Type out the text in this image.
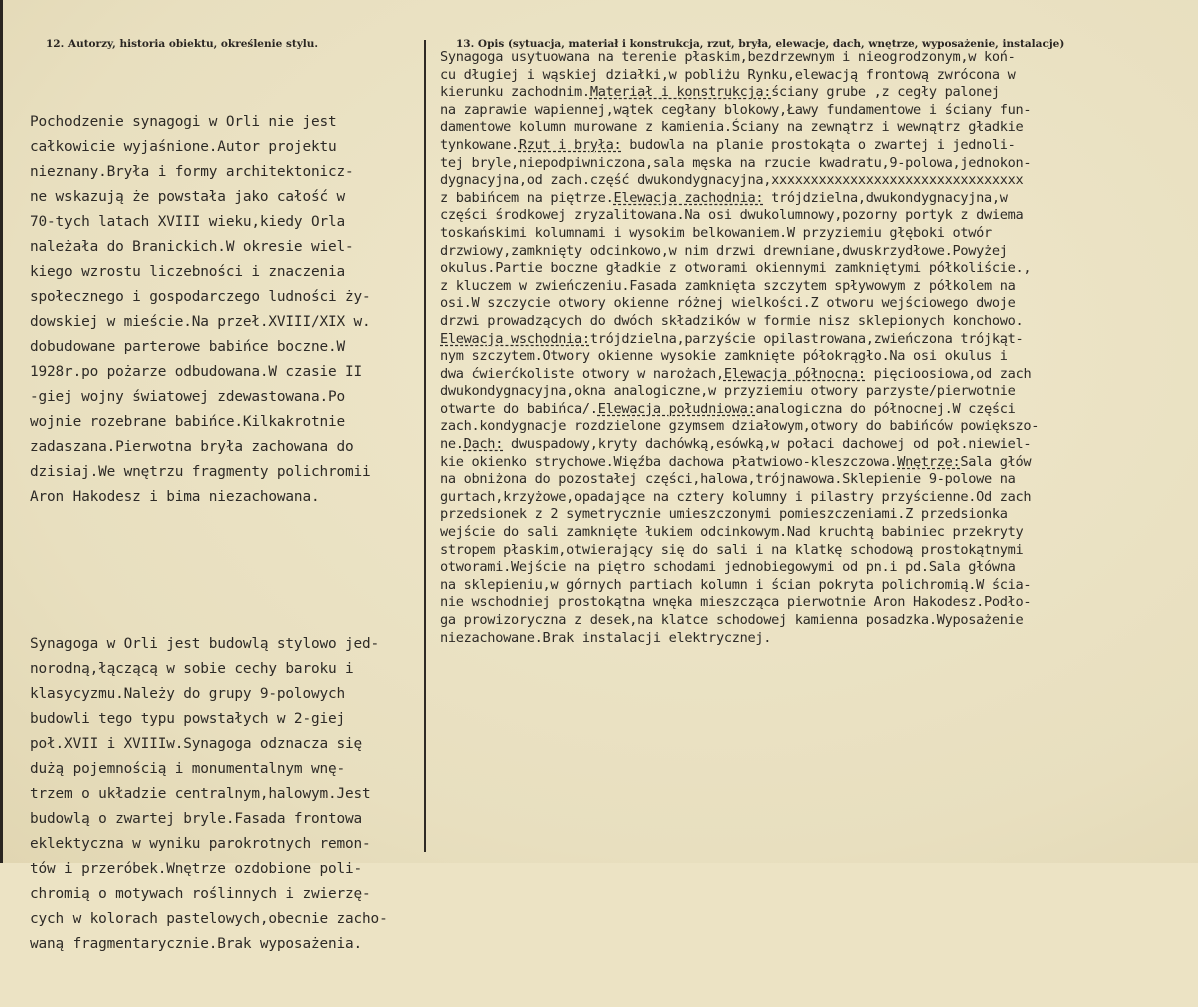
12. Autorzy, historia obiektu, określenie stylu.	13. Opis (sytuacja, materiał i konstrukcja, rzut, bryła, elewacje, dach, wnętrze, wyposażenie, instalacje)

Pochodzenie synagogi w Orli nie jest
całkowicie wyjaśnione.Autor projektu
nieznany.Bryła i formy architektonicz-
ne wskazują że powstała jako całość w
70-tych latach XVIII wieku,kiedy Orla
należała do Branickich.W okresie wiel-
kiego wzrostu liczebności i znaczenia
społecznego i gospodarczego ludności ży-
dowskiej w mieście.Na przeł.XVIII/XIX w.
dobudowane parterowe babińce boczne.W
1928r.po pożarze odbudowana.W czasie II
-giej wojny światowej zdewastowana.Po
wojnie rozebrane babińce.Kilkakrotnie
zadaszana.Pierwotna bryła zachowana do
dzisiaj.We wnętrzu fragmenty polichromii
Aron Hakodesz i bima niezachowana.

Synagoga w Orli jest budowlą stylowo jed-
norodną,łączącą w sobie cechy baroku i
klasycyzmu.Należy do grupy 9-polowych
budowli tego typu powstałych w 2-giej
poł.XVII i XVIIIw.Synagoga odznacza się
dużą pojemnością i monumentalnym wnę-
trzem o układzie centralnym,halowym.Jest
budowlą o zwartej bryle.Fasada frontowa
eklektyczna w wyniku parokrotnych remon-
tów i przeróbek.Wnętrze ozdobione poli-
chromią o motywach roślinnych i zwierzę-
cych w kolorach pastelowych,obecnie zacho-
waną fragmentarycznie.Brak wyposażenia.

Synagoga usytuowana na terenie płaskim,bezdrzewnym i nieogrodzonym,w koń-
cu długiej i wąskiej działki,w pobliżu Rynku,elewacją frontową zwrócona w
kierunku zachodnim.Materiał i konstrukcja:ściany grube ,z cegły palonej
na zaprawie wapiennej,wątek cegłany blokowy,Ławy fundamentowe i ściany fun-
damentowe kolumn murowane z kamienia.Ściany na zewnątrz i wewnątrz gładkie
tynkowane.Rzut i bryła: budowla na planie prostokąta o zwartej i jednoli-
tej bryle,niepodpiwniczona,sala męska na rzucie kwadratu,9-polowa,jednokon-
dygnacyjna,od zach.część dwukondygnacyjna,xxxxxxxxxxxxxxxxxxxxxxxxxxxxxxxx
z babińcem na piętrze.Elewacja zachodnia: trójdzielna,dwukondygnacyjna,w
części środkowej zryzalitowana.Na osi dwukolumnowy,pozorny portyk z dwiema
toskańskimi kolumnami i wysokim belkowaniem.W przyziemiu głęboki otwór
drzwiowy,zamknięty odcinkowo,w nim drzwi drewniane,dwuskrzydłowe.Powyżej
okulus.Partie boczne gładkie z otworami okiennymi zamkniętymi półkoliście.,
z kluczem w zwieńczeniu.Fasada zamknięta szczytem spływowym z półkolem na
osi.W szczycie otwory okienne różnej wielkości.Z otworu wejściowego dwoje
drzwi prowadzących do dwóch składzików w formie nisz sklepionych konchowo.
Elewacja wschodnia:trójdzielna,parzyście opilastrowana,zwieńczona trójkąt-
nym szczytem.Otwory okienne wysokie zamknięte półokrągło.Na osi okulus i
dwa ćwierćkoliste otwory w narożach,Elewacja północna: pięcioosiowa,od zach
dwukondygnacyjna,okna analogiczne,w przyziemiu otwory parzyste/pierwotnie
otwarte do babińca/.Elewacja południowa:analogiczna do północnej.W części
zach.kondygnacje rozdzielone gzymsem działowym,otwory do babińców powiększo-
ne.Dach: dwuspadowy,kryty dachówką,esówką,w połaci dachowej od poł.niewiel-
kie okienko strychowe.Więźba dachowa płatwiowo-kleszczowa.Wnętrze:Sala głów
na obniżona do pozostałej części,halowa,trójnawowa.Sklepienie 9-polowe na
gurtach,krzyżowe,opadające na cztery kolumny i pilastry przyścienne.Od zach
przedsionek z 2 symetrycznie umieszczonymi pomieszczeniami.Z przedsionka
wejście do sali zamknięte łukiem odcinkowym.Nad kruchtą babiniec przekryty
stropem płaskim,otwierający się do sali i na klatkę schodową prostokątnymi
otworami.Wejście na piętro schodami jednobiegowymi od pn.i pd.Sala główna
na sklepieniu,w górnych partiach kolumn i ścian pokryta polichromią.W ścia-
nie wschodniej prostokątna wnęka mieszcząca pierwotnie Aron Hakodesz.Podło-
ga prowizoryczna z desek,na klatce schodowej kamienna posadzka.Wyposażenie
niezachowane.Brak instalacji elektrycznej.
